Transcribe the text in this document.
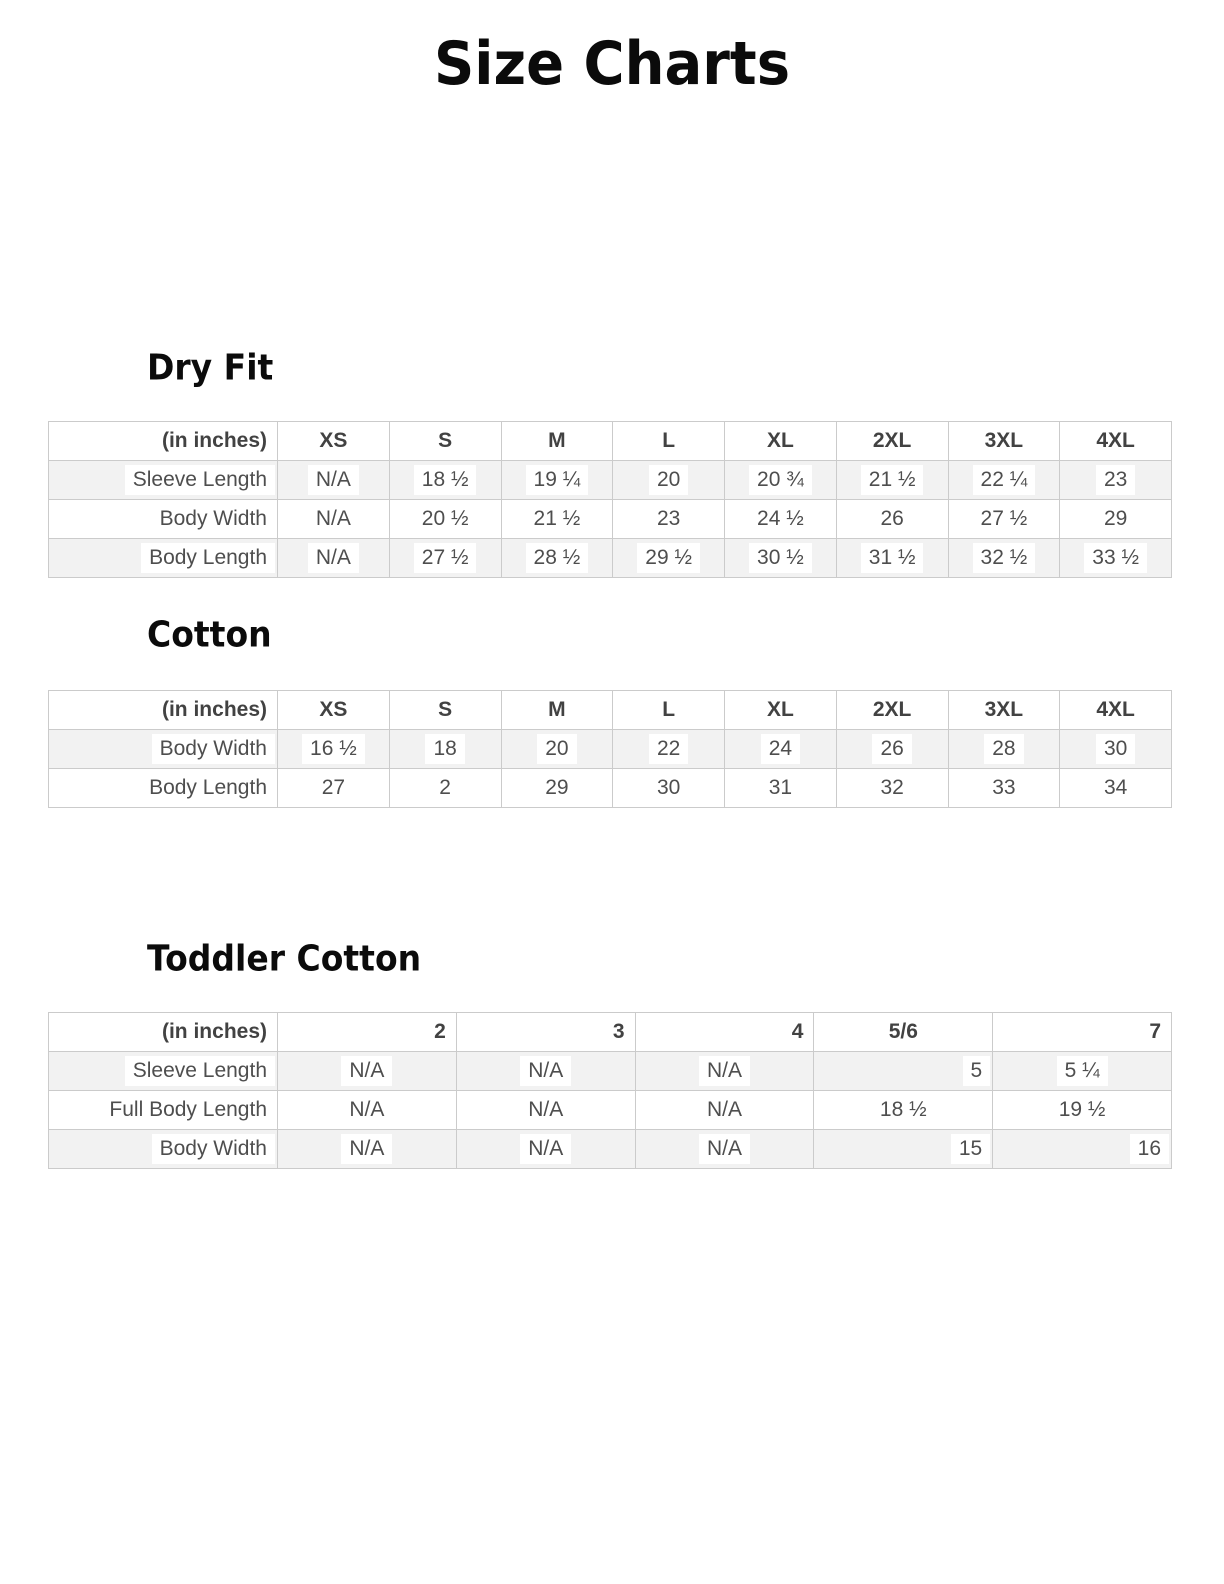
Size Charts
Dry Fit
(in inches)	XS	S	M	L	XL	2XL	3XL	4XL
Sleeve Length	N/A	18 ½	19 ¼	20	20 ¾	21 ½	22 ¼	23
Body Width	N/A	20 ½	21 ½	23	24 ½	26	27 ½	29
Body Length	N/A	27 ½	28 ½	29 ½	30 ½	31 ½	32 ½	33 ½
Cotton
(in inches)	XS	S	M	L	XL	2XL	3XL	4XL
Body Width	16 ½	18	20	22	24	26	28	30
Body Length	27	2	29	30	31	32	33	34
Toddler Cotton
(in inches)	2	3	4	5/6	7
Sleeve Length	N/A	N/A	N/A	5	5 ¼
Full Body Length	N/A	N/A	N/A	18 ½	19 ½
Body Width	N/A	N/A	N/A	15	16
